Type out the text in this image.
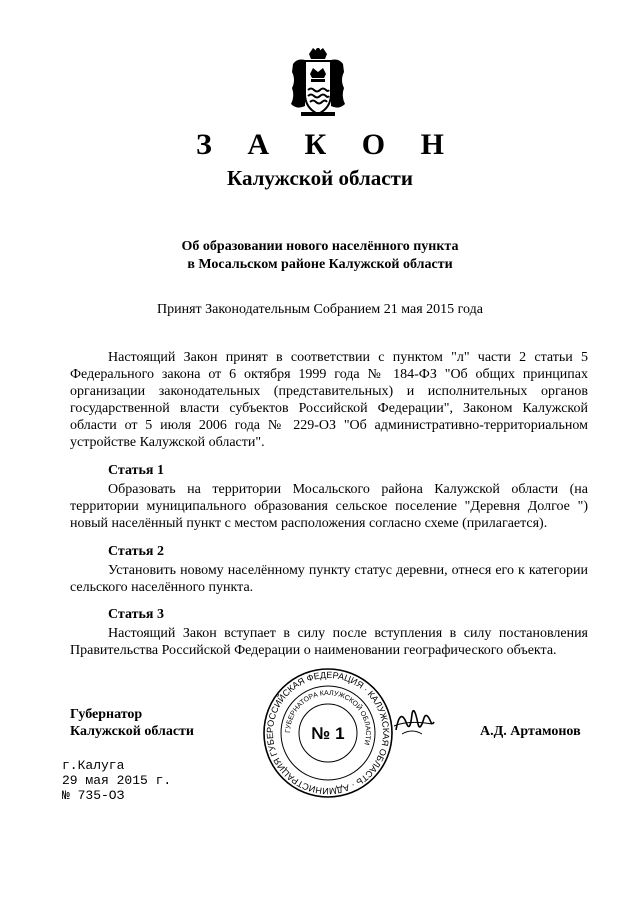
З А К О Н
Калужской области
Об образовании нового населённого пункта
в Мосальском районе Калужской области
Принят Законодательным Собранием 21 мая 2015 года
Настоящий Закон принят в соответствии с пунктом "л" части 2 статьи 5 Федерального закона от 6 октября 1999 года № 184-ФЗ "Об общих принципах организации законодательных (представительных) и исполнительных органов государственной власти субъектов Российской Федерации", Законом Калужской области от 5 июля 2006 года № 229-ОЗ "Об административно-территориальном устройстве Калужской области".
Статья 1
Образовать на территории Мосальского района Калужской области (на территории муниципального образования сельское поселение "Деревня Долгое ") новый населённый пункт с местом расположения согласно схеме (прилагается).
Статья 2
Установить новому населённому пункту статус деревни, отнеся его к категории сельского населённого пункта.
Статья 3
Настоящий Закон вступает в силу после вступления в силу постановления Правительства Российской Федерации о наименовании географического объекта.
Губернатор
Калужской области	А.Д. Артамонов
г.Калуга
29 мая 2015 г.
№ 735-ОЗ
РОССИЙСКАЯ ФЕДЕРАЦИЯ · КАЛУЖСКАЯ ОБЛАСТЬ · АДМИНИСТРАЦИЯ ГУБЕ
ГУБЕРНАТОРА КАЛУЖСКОЙ ОБЛАСТИ
№ 1
